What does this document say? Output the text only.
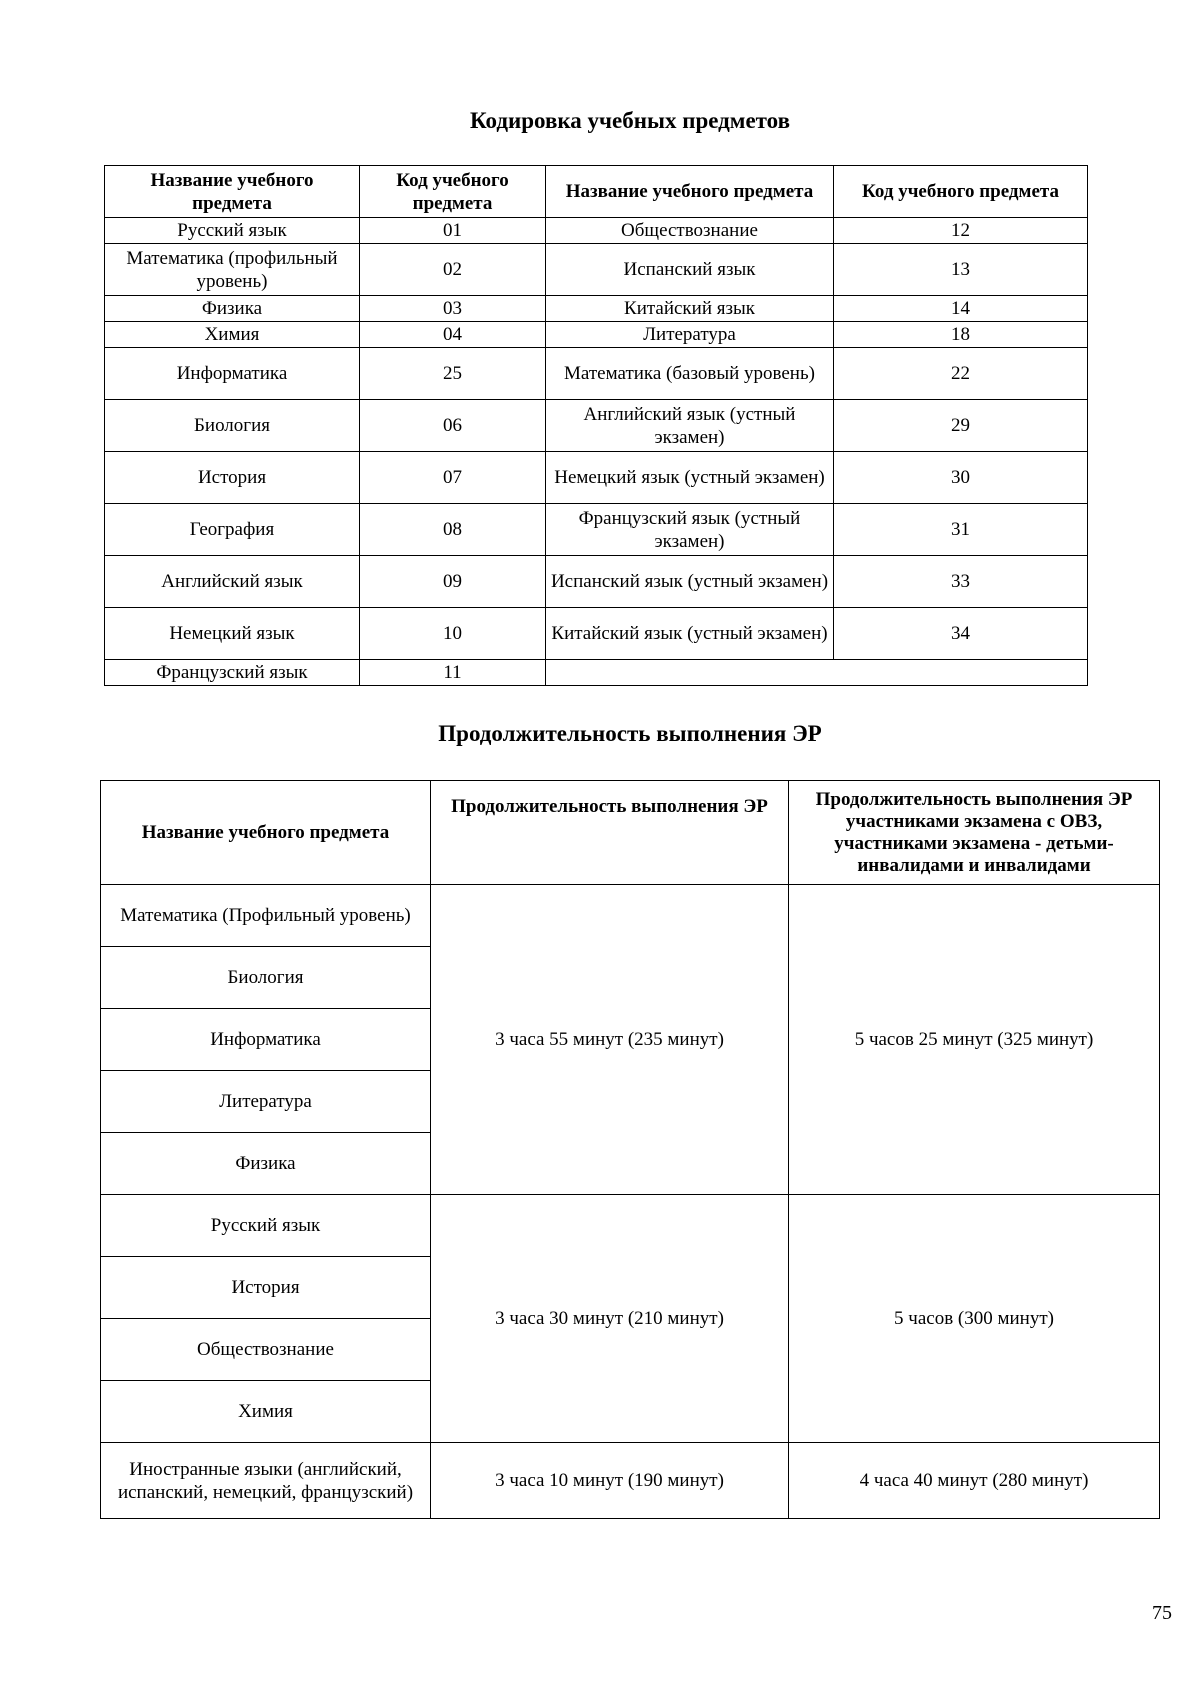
Кодировка учебных предметов
Название учебного предмета	Код учебного предмета	Название учебного предмета	Код учебного предмета
Русский язык	01	Обществознание	12
Математика (профильный уровень)	02	Испанский язык	13
Физика	03	Китайский язык	14
Химия	04	Литература	18
Информатика	25	Математика (базовый уровень)	22
Биология	06	Английский язык (устный экзамен)	29
История	07	Немецкий язык (устный экзамен)	30
География	08	Французский язык (устный экзамен)	31
Английский язык	09	Испанский язык (устный экзамен)	33
Немецкий язык	10	Китайский язык (устный экзамен)	34
Французский язык	11		
Продолжительность выполнения ЭР
Название учебного предмета	Продолжительность выполнения ЭР	Продолжительность выполнения ЭР участниками экзамена с ОВЗ, участниками экзамена - детьми-инвалидами и инвалидами
Математика (Профильный уровень)	3 часа 55 минут (235 минут)	5 часов 25 минут (325 минут)
Биология		
Информатика		
Литература		
Физика		
Русский язык	3 часа 30 минут (210 минут)	5 часов (300 минут)
История		
Обществознание		
Химия		
Иностранные языки (английский, испанский, немецкий, французский)	3 часа 10 минут (190 минут)	4 часа 40 минут (280 минут)
75
